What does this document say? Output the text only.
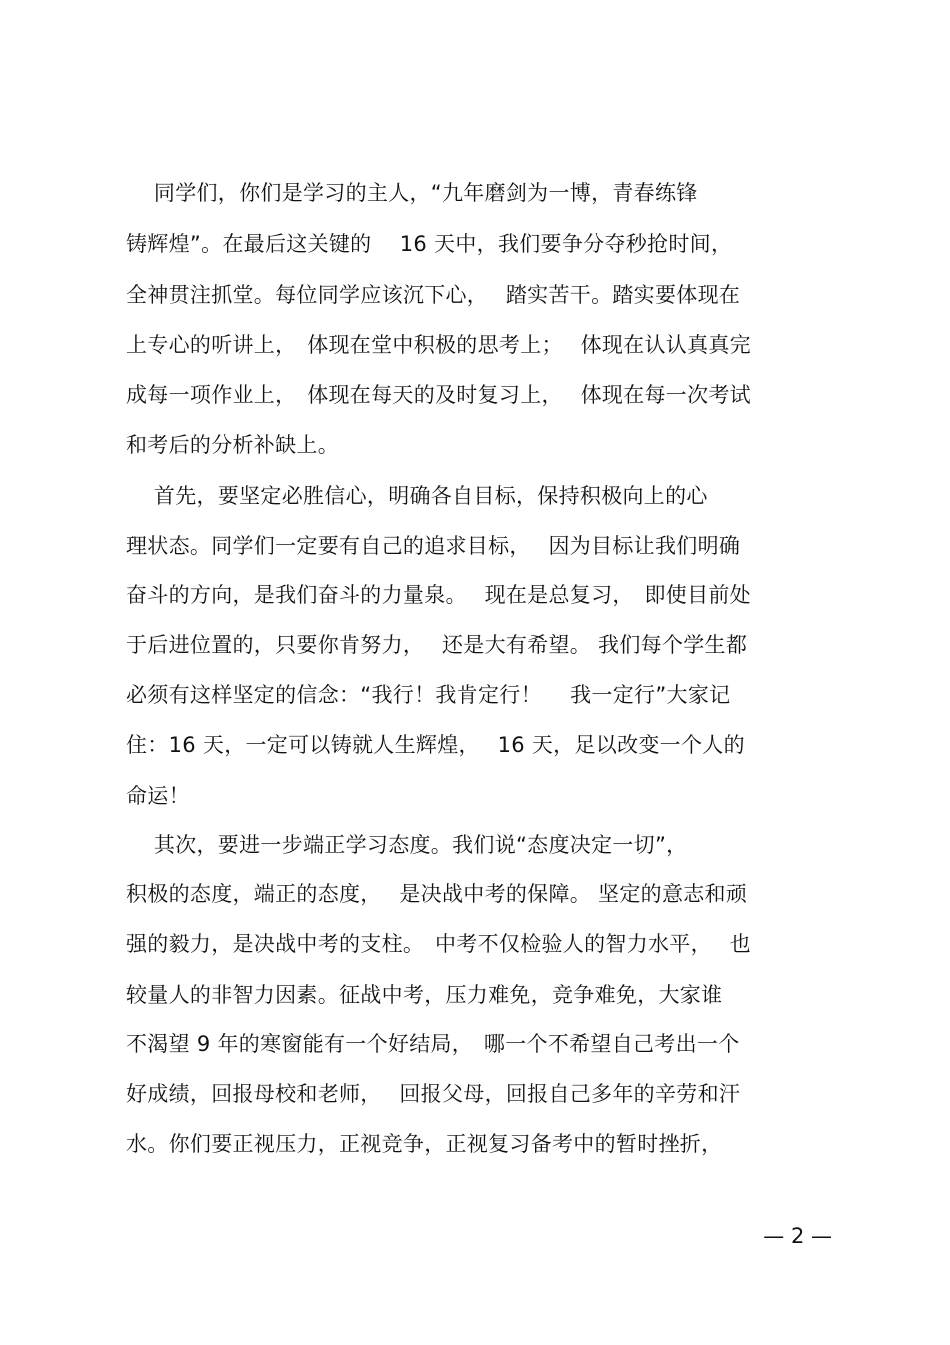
同学们，你们是学习的主人，“九年磨剑为一博，青春练锋
铸辉煌”。在最后这关键的　 16 天中，我们要争分夺秒抢时间，
全神贯注抓堂。每位同学应该沉下心，　 踏实苦干。踏实要体现在
上专心的听讲上，　体现在堂中积极的思考上；　 体现在认认真真完
成每一项作业上，　体现在每天的及时复习上，　 体现在每一次考试
和考后的分析补缺上。
首先，要坚定必胜信心，明确各自目标，保持积极向上的心
理状态。同学们一定要有自己的追求目标，　 因为目标让我们明确
奋斗的方向，是我们奋斗的力量泉。　 现在是总复习，　即使目前处
于后进位置的，只要你肯努力，　 还是大有希望。 我们每个学生都
必须有这样坚定的信念：“我行！我肯定行！　 我一定行”大家记
住：16 天，一定可以铸就人生辉煌，　 16 天，足以改变一个人的
命运！
其次，要进一步端正学习态度。我们说“态度决定一切”，
积极的态度，端正的态度，　 是决战中考的保障。 坚定的意志和顽
强的毅力，是决战中考的支柱。　中考不仅检验人的智力水平，　 也
较量人的非智力因素。征战中考，压力难免，竞争难免，大家谁
不渴望 9 年的寒窗能有一个好结局，　哪一个不希望自己考出一个
好成绩，回报母校和老师，　 回报父母，回报自己多年的辛劳和汗
水。你们要正视压力，正视竞争，正视复习备考中的暂时挫折，
— 2 —
